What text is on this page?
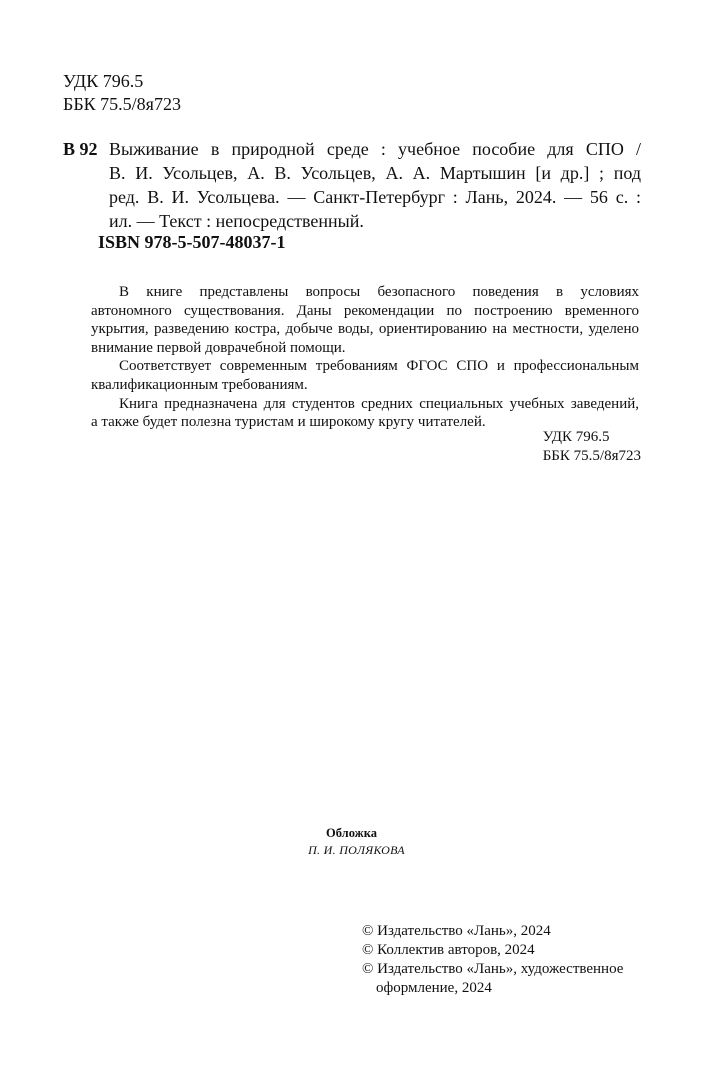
УДК 796.5
ББК 75.5/8я723
В 92 Выживание в природной среде : учебное пособие для СПО /
В. И. Усольцев, А. В. Усольцев, А. А. Мартышин [и др.] ; под
ред. В. И. Усольцева. — Санкт-Петербург : Лань, 2024. — 56 с. :
ил. — Текст : непосредственный.
ISBN 978-5-507-48037-1

В книге представлены вопросы безопасного поведения в условиях
автономного существования. Даны рекомендации по построению временного
укрытия, разведению костра, добыче воды, ориентированию на местности, уделено
внимание первой доврачебной помощи.

Соответствует современным требованиям ФГОС СПО и профессиональным
квалификационным требованиям.

Книга предназначена для студентов средних специальных учебных заведений,
а также будет полезна туристам и широкому кругу читателей.

УДК 796.5
ББК 75.5/8я723
Обложка
П. И. ПОЛЯКОВА
© Издательство «Лань», 2024
© Коллектив авторов, 2024
© Издательство «Лань», художественное
оформление, 2024
